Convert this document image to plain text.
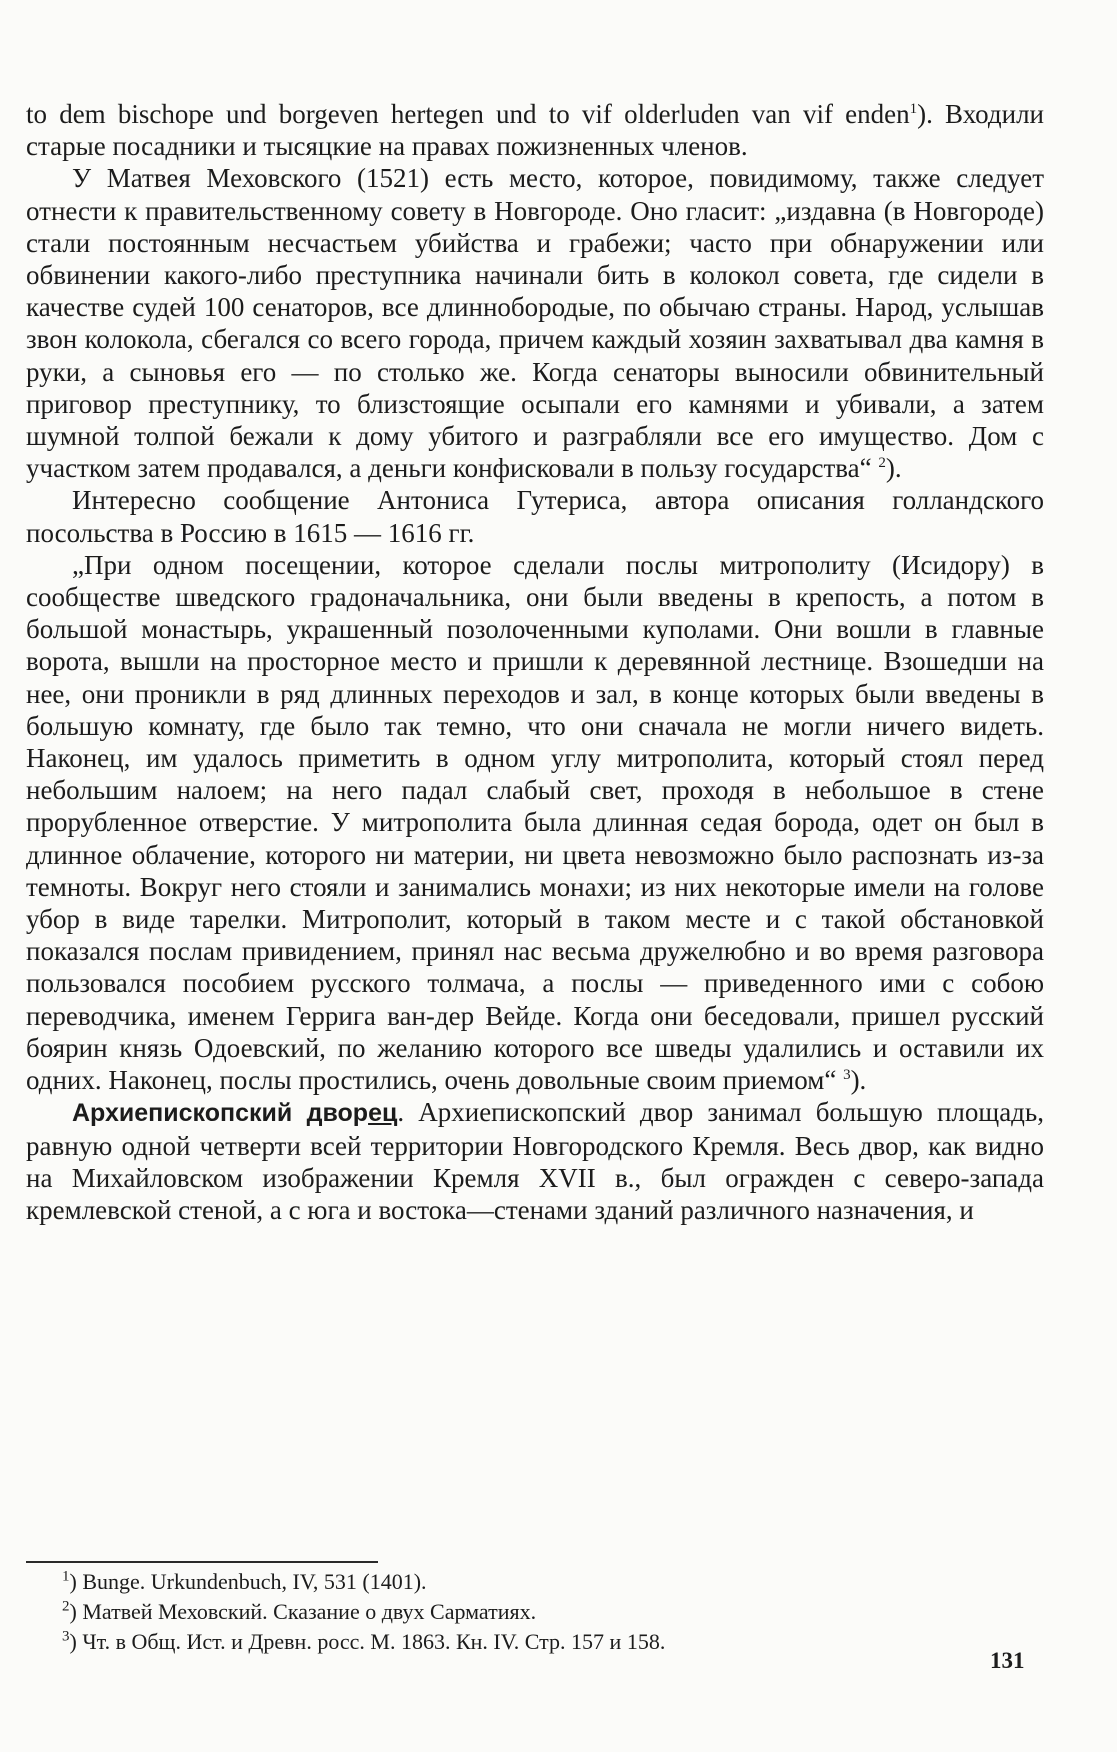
to dem bischope und borgeven hertegen und to vif olderluden van vif enden$^1$). Входили старые посадники и тысяцкие на правах пожизненных членов.

У Матвея Меховского (1521) есть место, которое, повидимому, также следует отнести к правительственному совету в Новгороде. Оно гласит: „издавна (в Новгороде) стали постоянным несчастьем убийства и грабежи; часто при обнаружении или обвинении какого-либо преступника начинали бить в колокол совета, где сидели в качестве судей 100 сенаторов, все длиннобородые, по обычаю страны. Народ, услышав звон колокола, сбегался со всего города, причем каждый хозяин захватывал два камня в руки, а сыновья его — по столько же. Когда сенаторы выносили обвинительный приговор преступнику, то близстоящие осыпали его камнями и убивали, а затем шумной толпой бежали к дому убитого и разграбляли все его имущество. Дом с участком затем продавался, а деньги конфисковали в пользу государства“ $^2$).

Интересно сообщение Антониса Гутериса, автора описания голландского посольства в Россию в 1615 — 1616 гг.

„При одном посещении, которое сделали послы митрополиту (Исидору) в сообществе шведского градоначальника, они были введены в крепость, а потом в большой монастырь, украшенный позолоченными куполами. Они вошли в главные ворота, вышли на просторное место и пришли к деревянной лестнице. Взошедши на нее, они проникли в ряд длинных переходов и зал, в конце которых были введены в большую комнату, где было так темно, что они сначала не могли ничего видеть. Наконец, им удалось приметить в одном углу митрополита, который стоял перед небольшим налоем; на него падал слабый свет, проходя в небольшое в стене прорубленное отверстие. У митрополита была длинная седая борода, одет он был в длинное облачение, которого ни материи, ни цвета невозможно было распознать из-за темноты. Вокруг него стояли и занимались монахи; из них некоторые имели на голове убор в виде тарелки. Митрополит, который в таком месте и с такой обстановкой показался послам привидением, принял нас весьма дружелюбно и во время разговора пользовался пособием русского толмача, а послы — приведенного ими с собою переводчика, именем Герригa ван-дер Вейде. Когда они беседовали, пришел русский боярин князь Одоевский, по желанию которого все шведы удалились и оставили их одних. Наконец, послы простились, очень довольные своим приемом“ $^3$).

Архиепископский дворец. Архиепископский двор занимал большую площадь, равную одной четверти всей территории Новгородского Кремля. Весь двор, как видно на Михайловском изображении Кремля XVII в., был огражден с северо-запада кремлевской стеной, а с юга и востока—стенами зданий различного назначения, и

$^1$) Bunge. Urkundenbuch, IV, 531 (1401).

$^2$) Матвей Меховский. Сказание о двух Сарматиях.

$^3$) Чт. в Общ. Ист. и Древн. росс. М. 1863. Кн. IV. Стр. 157 и 158.

131
